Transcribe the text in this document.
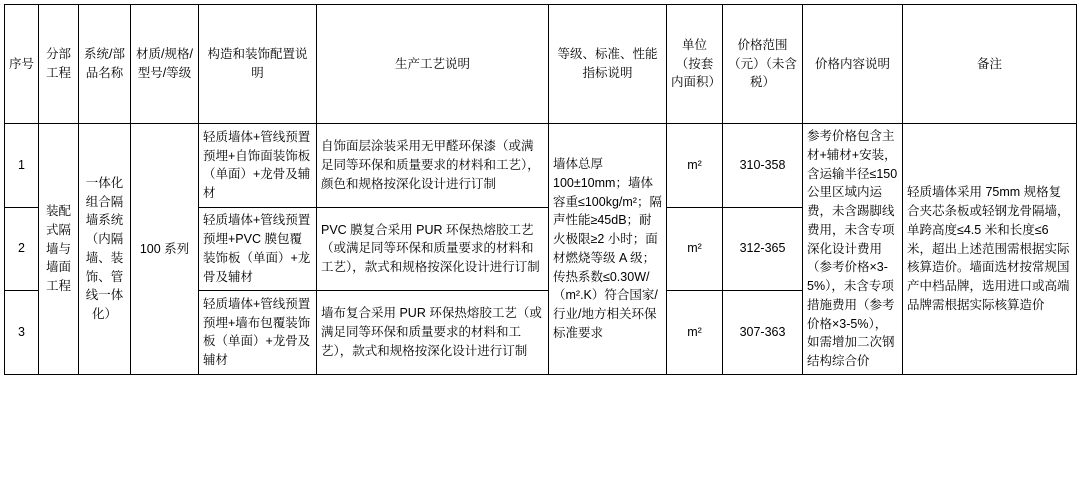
序号	分部工程	系统/部品名称	材质/规格/型号/等级	构造和装饰配置说明	生产工艺说明	等级、标准、性能指标说明	单位（按套内面积）	价格范围（元）（未含税）	价格内容说明	备注
1	装配式隔墙与墙面工程	一体化组合隔墙系统（内隔墙、装饰、管线一体化）	100 系列	轻质墙体+管线预置预埋+自饰面装饰板（单面）+龙骨及辅材	自饰面层涂装采用无甲醛环保漆（或满足同等环保和质量要求的材料和工艺），颜色和规格按深化设计进行订制	墙体总厚 100±10mm；墙体容重≤100kg/m²；隔声性能≥45dB；耐火极限≥2 小时；面材燃烧等级 A 级；传热系数≤0.30W/（m².K）符合国家/行业/地方相关环保标准要求	m²	310-358	参考价格包含主材+辅材+安装，含运输半径≤150 公里区域内运费，未含踢脚线费用，未含专项深化设计费用（参考价格×3-5%），未含专项措施费用（参考价格×3-5%），如需增加二次钢结构综合价	轻质墙体采用 75mm 规格复合夹芯条板或轻钢龙骨隔墙，单跨高度≤4.5 米和长度≤6 米，超出上述范围需根据实际核算造价。墙面选材按常规国产中档品牌，选用进口或高端品牌需根据实际核算造价
2				轻质墙体+管线预置预埋+PVC 膜包覆装饰板（单面）+龙骨及辅材	PVC 膜复合采用 PUR 环保热熔胶工艺（或满足同等环保和质量要求的材料和工艺），款式和规格按深化设计进行订制		m²	312-365		
3				轻质墙体+管线预置预埋+墙布包覆装饰板（单面）+龙骨及辅材	墙布复合采用 PUR 环保热熔胶工艺（或满足同等环保和质量要求的材料和工艺），款式和规格按深化设计进行订制		m²	307-363		
